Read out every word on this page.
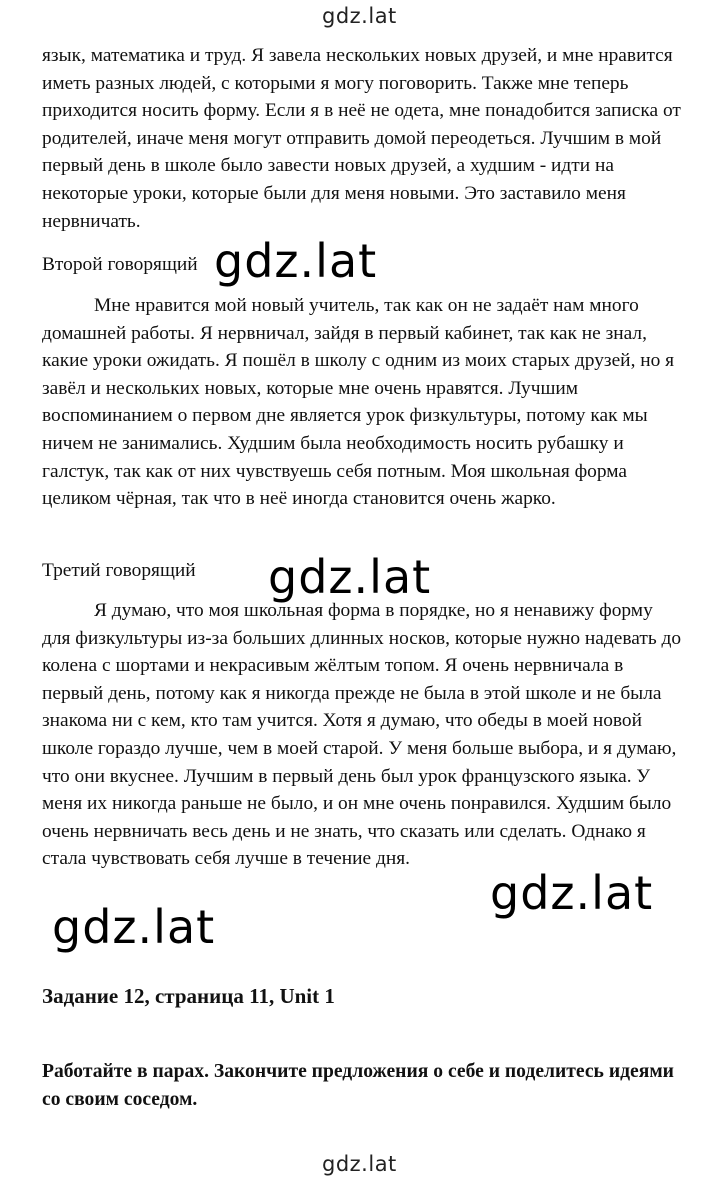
gdz.lat

язык, математика и труд. Я завела нескольких новых друзей, и мне нравится иметь разных людей, с которыми я могу поговорить. Также мне теперь приходится носить форму. Если я в неё не одета, мне понадобится записка от родителей, иначе меня могут отправить домой переодеться. Лучшим в мой первый день в школе было завести новых друзей, а худшим - идти на некоторые уроки, которые были для меня новыми. Это заставило меня нервничать.

Второй говорящий gdz.lat

Мне нравится мой новый учитель, так как он не задаёт нам много домашней работы. Я нервничал, зайдя в первый кабинет, так как не знал, какие уроки ожидать. Я пошёл в школу с одним из моих старых друзей, но я завёл и нескольких новых, которые мне очень нравятся. Лучшим воспоминанием о первом дне является урок физкультуры, потому как мы ничем не занимались. Худшим была необходимость носить рубашку и галстук, так как от них чувствуешь себя потным. Моя школьная форма целиком чёрная, так что в неё иногда становится очень жарко.

Третий говорящий gdz.lat

Я думаю, что моя школьная форма в порядке, но я ненавижу форму для физкультуры из-за больших длинных носков, которые нужно надевать до колена с шортами и некрасивым жёлтым топом. Я очень нервничала в первый день, потому как я никогда прежде не была в этой школе и не была знакома ни с кем, кто там учится. Хотя я думаю, что обеды в моей новой школе гораздо лучше, чем в моей старой. У меня больше выбора, и я думаю, что они вкуснее. Лучшим в первый день был урок французского языка. У меня их никогда раньше не было, и он мне очень понравился. Худшим было очень нервничать весь день и не знать, что сказать или сделать. Однако я стала чувствовать себя лучше в течение дня.

gdz.lat
gdz.lat

Задание 12, страница 11, Unit 1

Работайте в парах. Закончите предложения о себе и поделитесь идеями со своим соседом.

gdz.lat
